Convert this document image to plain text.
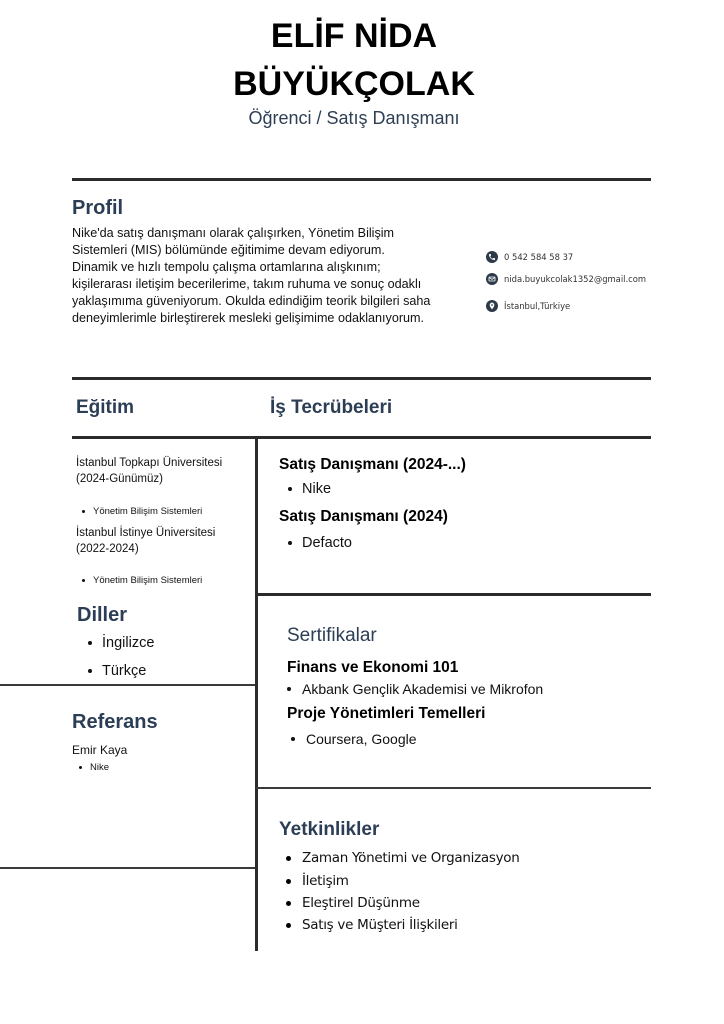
ELİF NİDA
BÜYÜKÇOLAK
Öğrenci / Satış Danışmanı
Profil
Nike'da satış danışmanı olarak çalışırken, Yönetim Bilişim
Sistemleri (MIS) bölümünde eğitimime devam ediyorum.
Dinamik ve hızlı tempolu çalışma ortamlarına alışkınım;
kişilerarası iletişim becerilerime, takım ruhuma ve sonuç odaklı
yaklaşımıma güveniyorum. Okulda edindiğim teorik bilgileri saha
deneyimlerimle birleştirerek mesleki gelişimime odaklanıyorum.
0 542 584 58 37
nida.buyukcolak1352@gmail.com
İstanbul,Türkiye
Eğitim	İş Tecrübeleri
İstanbul Topkapı Üniversitesi
(2024-Günümüz)
Yönetim Bilişim Sistemleri
İstanbul İstinye Üniversitesi
(2022-2024)
Yönetim Bilişim Sistemleri
Diller
İngilizce
Türkçe
Referans
Emir Kaya
Nike
Satış Danışmanı (2024-...)
Nike
Satış Danışmanı (2024)
Defacto
Sertifikalar
Finans ve Ekonomi 101
Akbank Gençlik Akademisi ve Mikrofon
Proje Yönetimleri Temelleri
Coursera, Google
Yetkinlikler
Zaman Yönetimi ve Organizasyon
İletişim
Eleştirel Düşünme
Satış ve Müşteri İlişkileri
